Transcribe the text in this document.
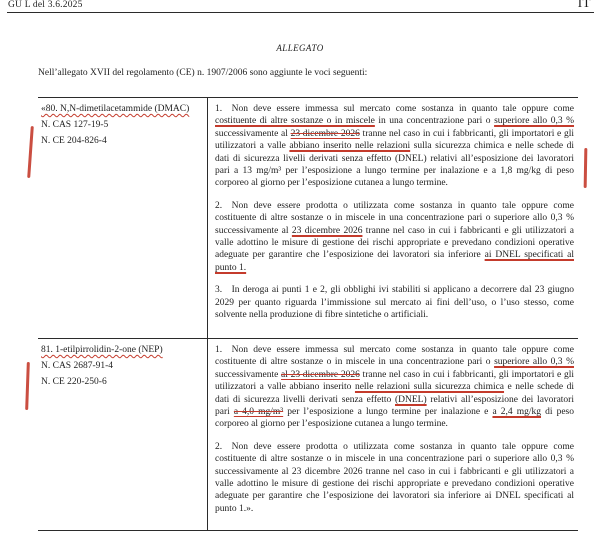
GU L del 3.6.2025	IT
ALLEGATO
Nell’allegato XVII del regolamento (CE) n. 1907/2006 sono aggiunte le voci seguenti:
«80. N,N-dimetilacetammide (DMAC)
N. CAS 127-19-5
N. CE 204-826-4

1. Non deve essere immessa sul mercato come sostanza in quanto tale oppure come costituente di altre sostanze o in miscele in una concentrazione pari o superiore allo 0,3 % successivamente al 23 dicembre 2026 tranne nel caso in cui i fabbricanti, gli importatori e gli utilizzatori a valle abbiano inserito nelle relazioni sulla sicurezza chimica e nelle schede di dati di sicurezza livelli derivati senza effetto (DNEL) relativi all’esposizione dei lavoratori pari a 13 mg/m³ per l’esposizione a lungo termine per inalazione e a 1,8 mg/kg di peso corporeo al giorno per l’esposizione cutanea a lungo termine.

2. Non deve essere prodotta o utilizzata come sostanza in quanto tale oppure come costituente di altre sostanze o in miscele in una concentrazione pari o superiore allo 0,3 % successivamente al 23 dicembre 2026 tranne nel caso in cui i fabbricanti e gli utilizzatori a valle adottino le misure di gestione dei rischi appropriate e prevedano condizioni operative adeguate per garantire che l’esposizione dei lavoratori sia inferiore ai DNEL specificati al punto 1.

3. In deroga ai punti 1 e 2, gli obblighi ivi stabiliti si applicano a decorrere dal 23 giugno 2029 per quanto riguarda l’immissione sul mercato ai fini dell’uso, o l’uso stesso, come solvente nella produzione di fibre sintetiche o artificiali.

81. 1-etilpirrolidin-2-one (NEP)
N. CAS 2687-91-4
N. CE 220-250-6

1. Non deve essere immessa sul mercato come sostanza in quanto tale oppure come costituente di altre sostanze o in miscele in una concentrazione pari o superiore allo 0,3 % successivamente al 23 dicembre 2026 tranne nel caso in cui i fabbricanti, gli importatori e gli utilizzatori a valle abbiano inserito nelle relazioni sulla sicurezza chimica e nelle schede di dati di sicurezza livelli derivati senza effetto (DNEL) relativi all’esposizione dei lavoratori pari a 4,0 mg/m³ per l’esposizione a lungo termine per inalazione e a 2,4 mg/kg di peso corporeo al giorno per l’esposizione cutanea a lungo termine.

2. Non deve essere prodotta o utilizzata come sostanza in quanto tale oppure come costituente di altre sostanze o in miscele in una concentrazione pari o superiore allo 0,3 % successivamente al 23 dicembre 2026 tranne nel caso in cui i fabbricanti e gli utilizzatori a valle adottino le misure di gestione dei rischi appropriate e prevedano condizioni operative adeguate per garantire che l’esposizione dei lavoratori sia inferiore ai DNEL specificati al punto 1.».
